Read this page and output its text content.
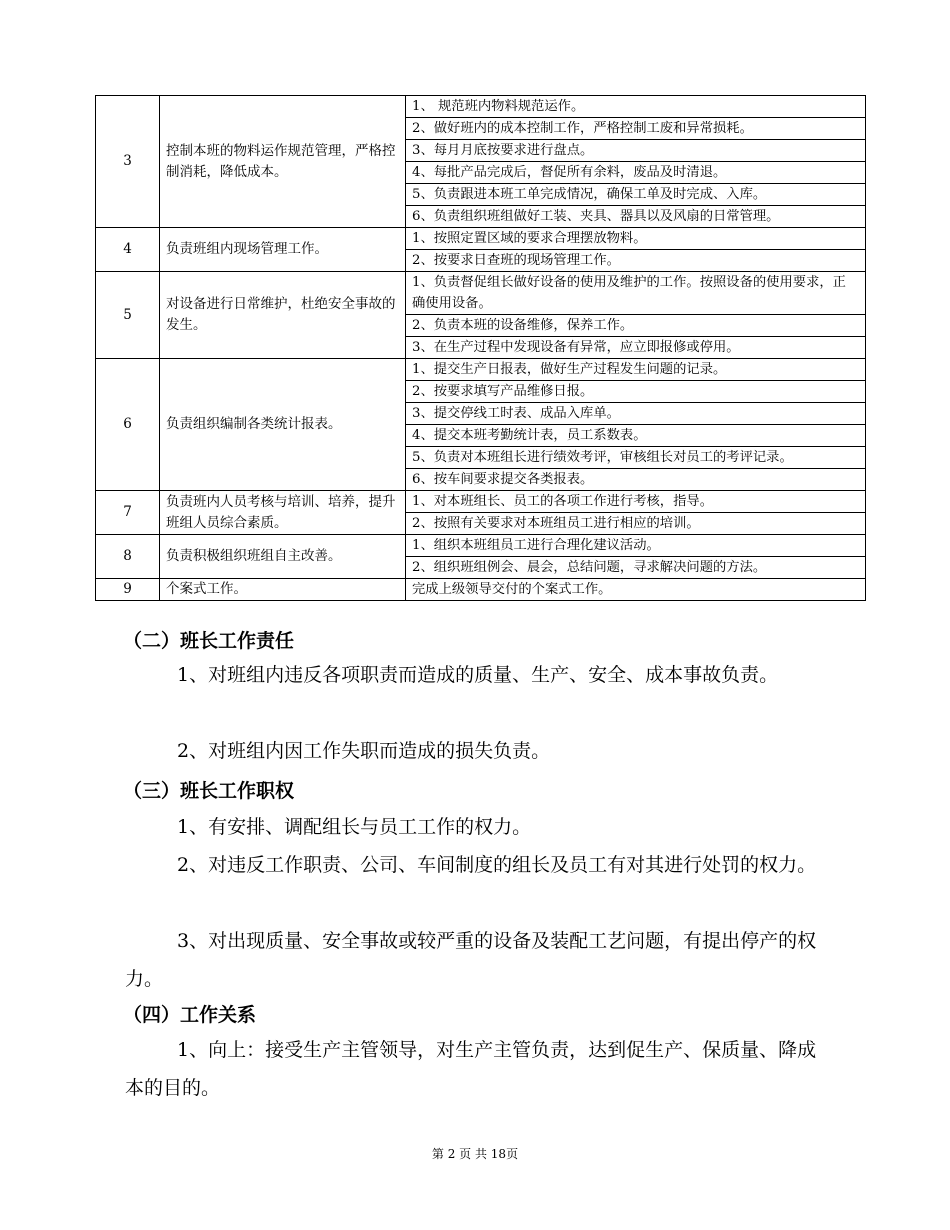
3	控制本班的物料运作规范管理，严格控制消耗，降低成本。	1、 规范班内物料规范运作。
		2、做好班内的成本控制工作，严格控制工废和异常损耗。
		3、每月月底按要求进行盘点。
		4、每批产品完成后，督促所有余料，废品及时清退。
		5、负责跟进本班工单完成情况，确保工单及时完成、入库。
		6、负责组织班组做好工装、夹具、器具以及风扇的日常管理。
4	负责班组内现场管理工作。	1、按照定置区域的要求合理摆放物料。
		2、按要求日查班的现场管理工作。
5	对设备进行日常维护，杜绝安全事故的发生。	1、负责督促组长做好设备的使用及维护的工作。按照设备的使用要求，正确使用设备。
		2、负责本班的设备维修，保养工作。
		3、在生产过程中发现设备有异常，应立即报修或停用。
6	负责组织编制各类统计报表。	1、提交生产日报表，做好生产过程发生问题的记录。
		2、按要求填写产品维修日报。
		3、提交停线工时表、成品入库单。
		4、提交本班考勤统计表，员工系数表。
		5、负责对本班组长进行绩效考评，审核组长对员工的考评记录。
		6、按车间要求提交各类报表。
7	负责班内人员考核与培训、培养，提升班组人员综合素质。	1、对本班组长、员工的各项工作进行考核，指导。
		2、按照有关要求对本班组员工进行相应的培训。
8	负责积极组织班组自主改善。	1、组织本班组员工进行合理化建议活动。
		2、组织班组例会、晨会，总结问题，寻求解决问题的方法。
9	个案式工作。	完成上级领导交付的个案式工作。
（二）班长工作责任
1、对班组内违反各项职责而造成的质量、生产、安全、成本事故负责。
2、对班组内因工作失职而造成的损失负责。
（三）班长工作职权
1、有安排、调配组长与员工工作的权力。
2、对违反工作职责、公司、车间制度的组长及员工有对其进行处罚的权力。
3、对出现质量、安全事故或较严重的设备及装配工艺问题，有提出停产的权力。
（四）工作关系
1、向上：接受生产主管领导，对生产主管负责，达到促生产、保质量、降成本的目的。
第 2 页 共 18页
